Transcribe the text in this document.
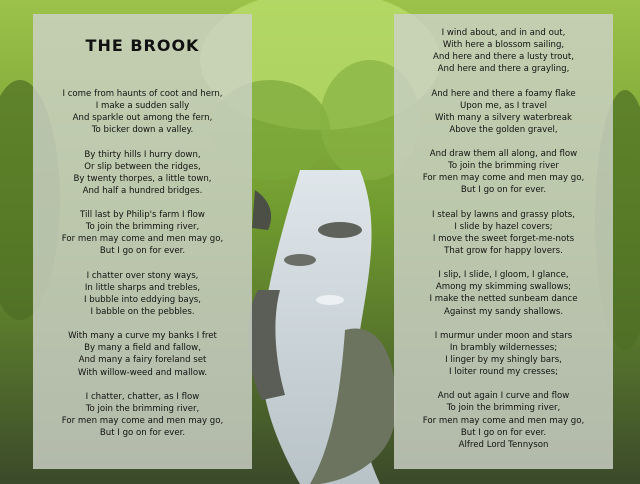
THE BROOK
I come from haunts of coot and hern,
I make a sudden sally
And sparkle out among the fern,
To bicker down a valley.
By thirty hills I hurry down,
Or slip between the ridges,
By twenty thorpes, a little town,
And half a hundred bridges.
Till last by Philip's farm I flow
To join the brimming river,
For men may come and men may go,
But I go on for ever.
I chatter over stony ways,
In little sharps and trebles,
I bubble into eddying bays,
I babble on the pebbles.
With many a curve my banks I fret
By many a field and fallow,
And many a fairy foreland set
With willow-weed and mallow.
I chatter, chatter, as I flow
To join the brimming river,
For men may come and men may go,
But I go on for ever.
I wind about, and in and out,
With here a blossom sailing,
And here and there a lusty trout,
And here and there a grayling,
And here and there a foamy flake
Upon me, as I travel
With many a silvery waterbreak
Above the golden gravel,
And draw them all along, and flow
To join the brimming river
For men may come and men may go,
But I go on for ever.
I steal by lawns and grassy plots,
I slide by hazel covers;
I move the sweet forget-me-nots
That grow for happy lovers.
I slip, I slide, I gloom, I glance,
Among my skimming swallows;
I make the netted sunbeam dance
Against my sandy shallows.
I murmur under moon and stars
In brambly wildernesses;
I linger by my shingly bars,
I loiter round my cresses;
And out again I curve and flow
To join the brimming river,
For men may come and men may go,
But I go on for ever.
Alfred Lord Tennyson
